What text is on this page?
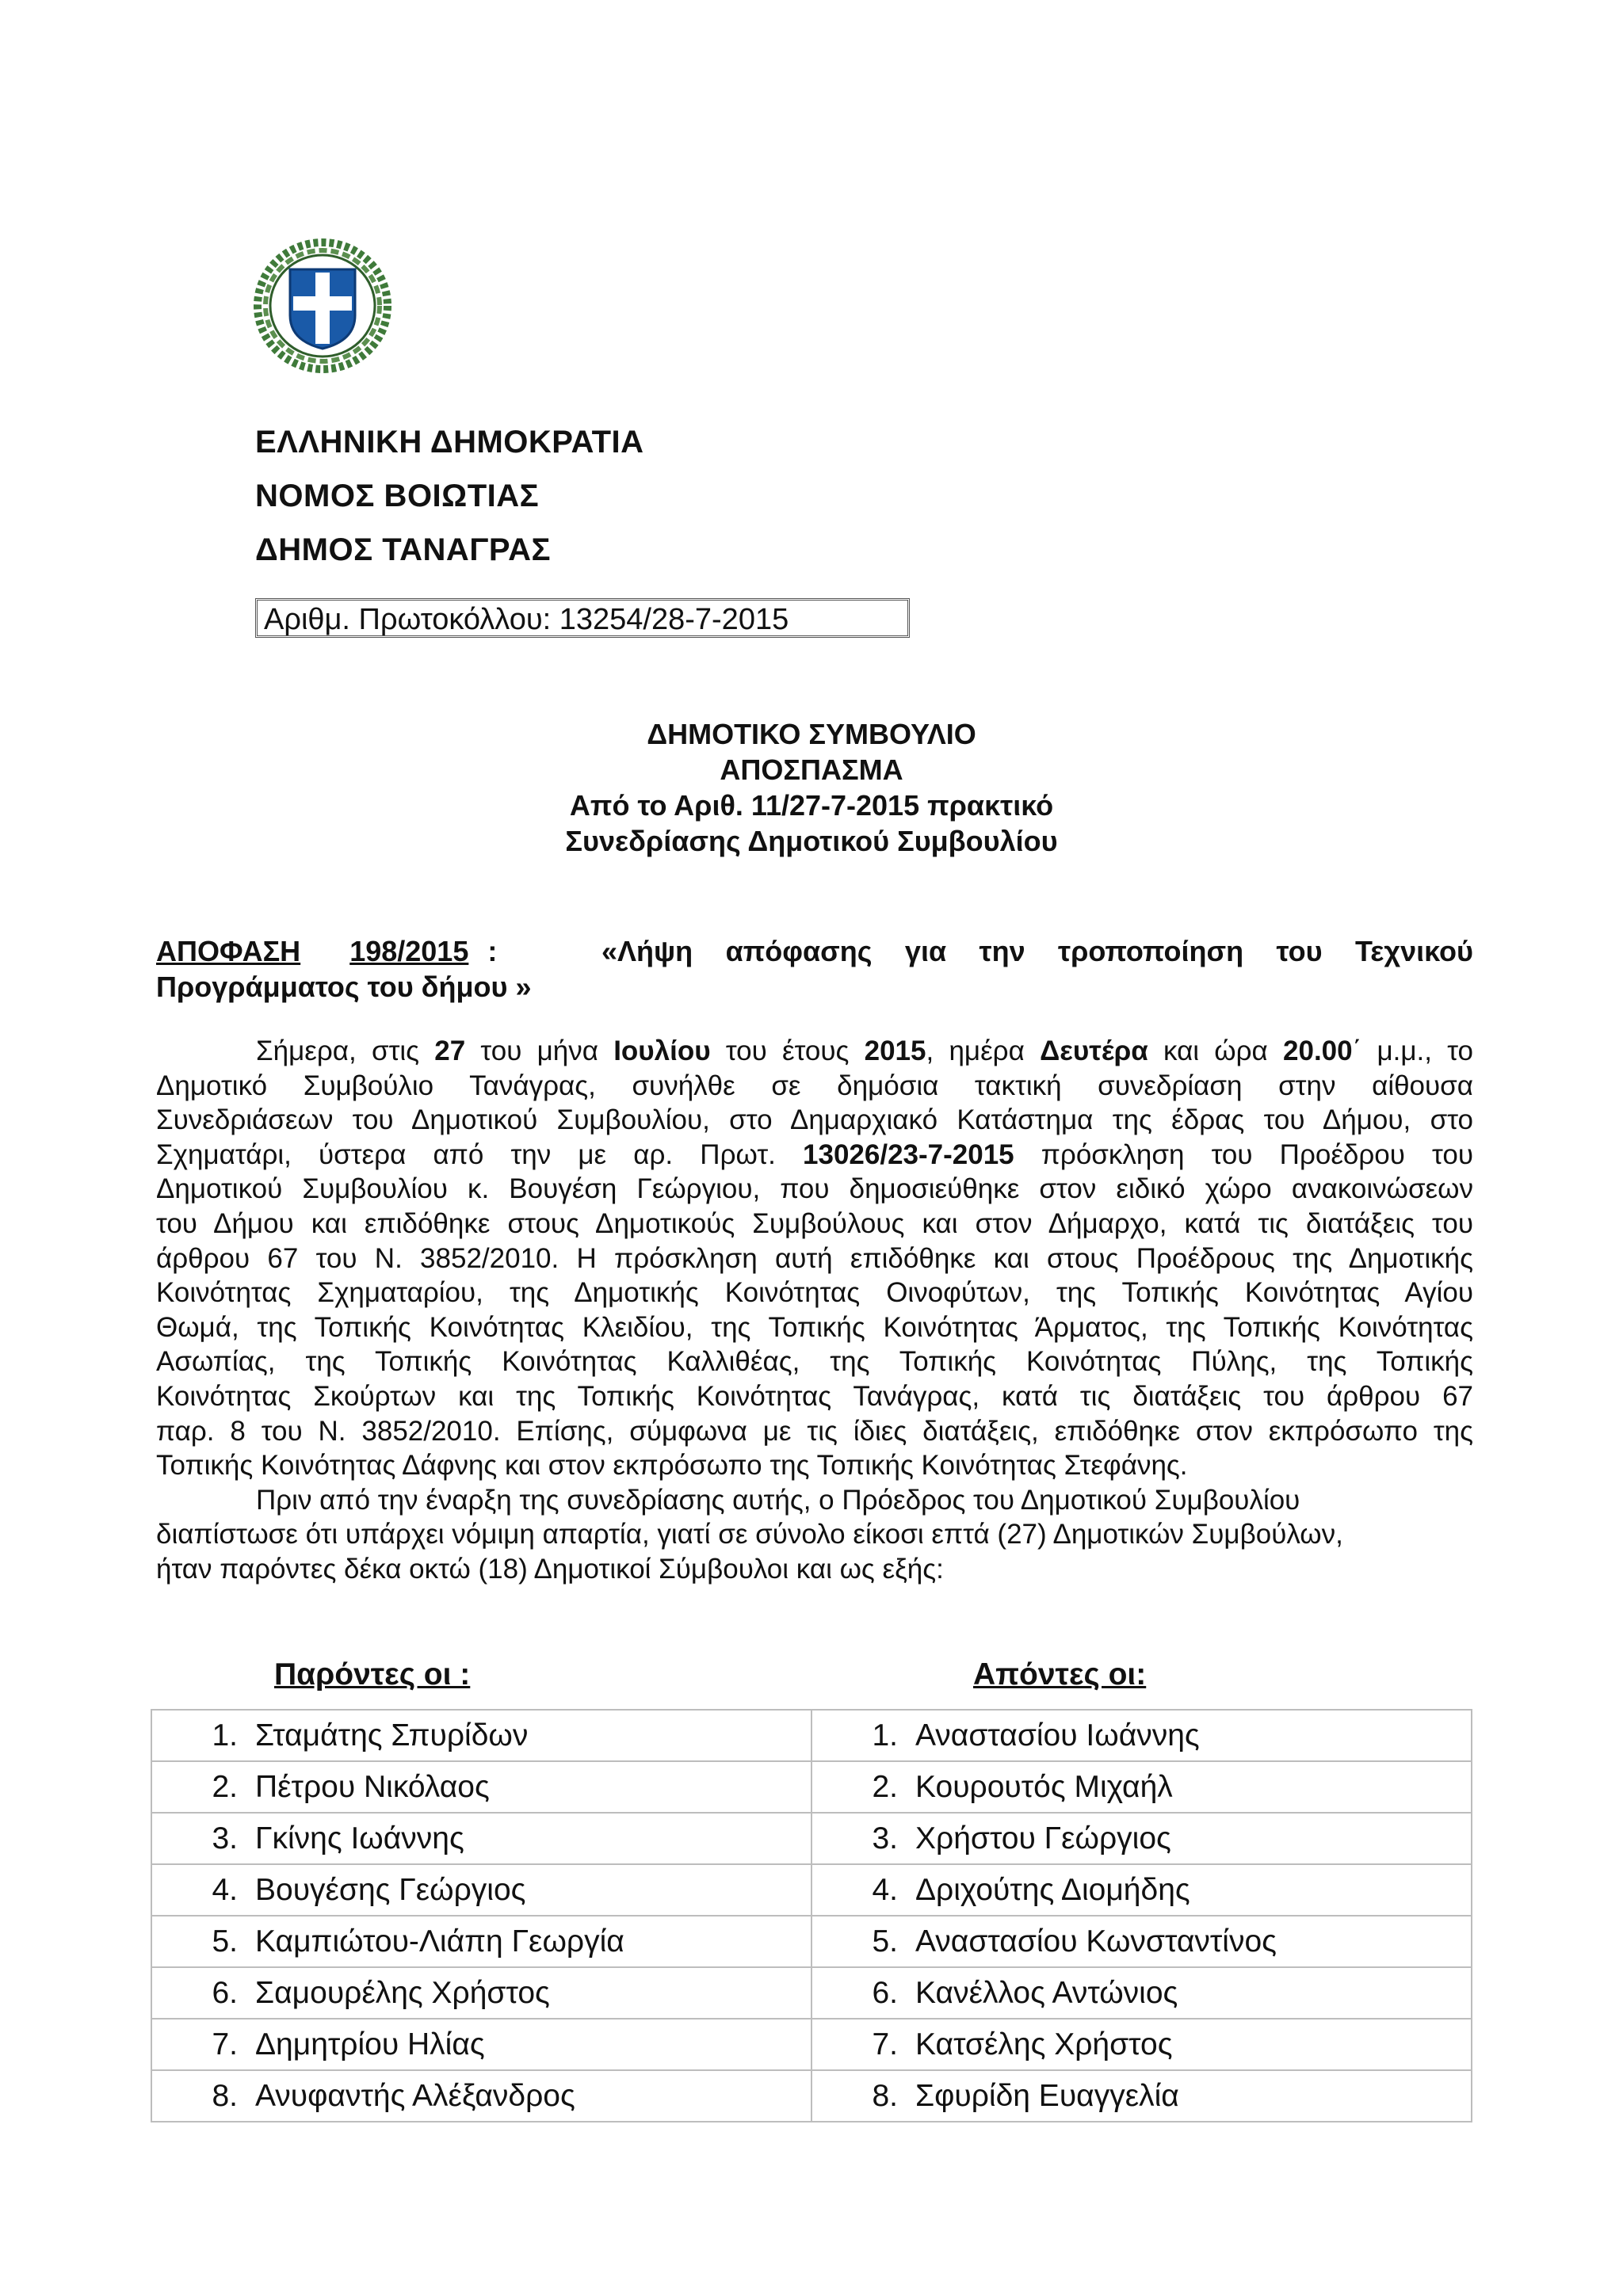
ΕΛΛΗΝΙΚΗ ΔΗΜΟΚΡΑΤΙΑ
ΝΟΜΟΣ ΒΟΙΩΤΙΑΣ
ΔΗΜΟΣ ΤΑΝΑΓΡΑΣ
Αριθμ. Πρωτοκόλλου: 13254/28-7-2015
ΔΗΜΟΤΙΚΟ ΣΥΜΒΟΥΛΙΟ
ΑΠΟΣΠΑΣΜΑ
Από το Αριθ. 11/27-7-2015 πρακτικό
Συνεδρίασης Δημοτικού Συμβουλίου
ΑΠΟΦΑΣΗ 198/2015 :	«Λήψη απόφασης για την τροποποίηση του Τεχνικού
Προγράμματος του δήμου »
Σήμερα, στις 27 του μήνα Ιουλίου του έτους 2015, ημέρα Δευτέρα και ώρα 20.00΄ μ.μ., το
Δημοτικό Συμβούλιο Τανάγρας, συνήλθε σε δημόσια τακτική συνεδρίαση στην αίθουσα
Συνεδριάσεων του Δημοτικού Συμβουλίου, στο Δημαρχιακό Κατάστημα της έδρας του Δήμου, στο
Σχηματάρι, ύστερα από την με αρ. Πρωτ. 13026/23-7-2015 πρόσκληση του Προέδρου του
Δημοτικού Συμβουλίου κ. Βουγέση Γεώργιου, που δημοσιεύθηκε στον ειδικό χώρο ανακοινώσεων
του Δήμου και επιδόθηκε στους Δημοτικούς Συμβούλους και στον Δήμαρχο, κατά τις διατάξεις του
άρθρου 67 του Ν. 3852/2010. Η πρόσκληση αυτή επιδόθηκε και στους Προέδρους της Δημοτικής
Κοινότητας Σχηματαρίου, της Δημοτικής Κοινότητας Οινοφύτων, της Τοπικής Κοινότητας Αγίου
Θωμά, της Τοπικής Κοινότητας Κλειδίου, της Τοπικής Κοινότητας Άρματος, της Τοπικής Κοινότητας
Ασωπίας, της Τοπικής Κοινότητας Καλλιθέας, της Τοπικής Κοινότητας Πύλης, της Τοπικής
Κοινότητας Σκούρτων και της Τοπικής Κοινότητας Τανάγρας, κατά τις διατάξεις του άρθρου 67
παρ. 8 του Ν. 3852/2010. Επίσης, σύμφωνα με τις ίδιες διατάξεις, επιδόθηκε στον εκπρόσωπο της
Τοπικής Κοινότητας Δάφνης και στον εκπρόσωπο της Τοπικής Κοινότητας Στεφάνης.
Πριν από την έναρξη της συνεδρίασης αυτής, ο Πρόεδρος του Δημοτικού Συμβουλίου
διαπίστωσε ότι υπάρχει νόμιμη απαρτία, γιατί σε σύνολο είκοσι επτά (27) Δημοτικών Συμβούλων,
ήταν παρόντες δέκα οκτώ (18) Δημοτικοί Σύμβουλοι και ως εξής:
Παρόντες οι :	Απόντες οι:
1. Σταμάτης Σπυρίδων	1. Αναστασίου Ιωάννης
2. Πέτρου Νικόλαος	2. Κουρουτός Μιχαήλ
3. Γκίνης Ιωάννης	3. Χρήστου Γεώργιος
4. Βουγέσης Γεώργιος	4. Δριχούτης Διομήδης
5. Καμπιώτου-Λιάπη Γεωργία	5. Αναστασίου Κωνσταντίνος
6. Σαμουρέλης Χρήστος	6. Κανέλλος Αντώνιος
7. Δημητρίου Ηλίας	7. Κατσέλης Χρήστος
8. Ανυφαντής Αλέξανδρος	8. Σφυρίδη Ευαγγελία
